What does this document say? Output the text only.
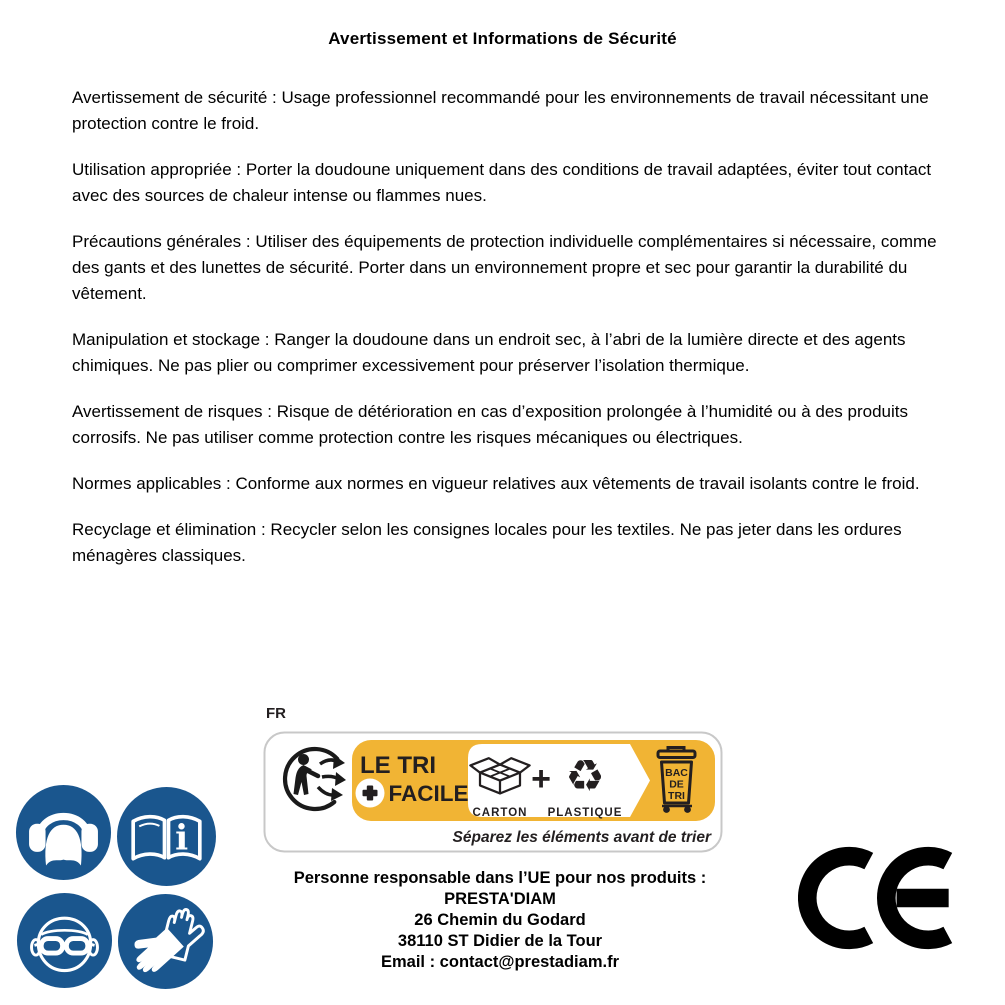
Avertissement et Informations de Sécurité

Avertissement de sécurité : Usage professionnel recommandé pour les environnements de travail nécessitant une protection contre le froid.

Utilisation appropriée : Porter la doudoune uniquement dans des conditions de travail adaptées, éviter tout contact avec des sources de chaleur intense ou flammes nues.

Précautions générales : Utiliser des équipements de protection individuelle complémentaires si nécessaire, comme des gants et des lunettes de sécurité. Porter dans un environnement propre et sec pour garantir la durabilité du vêtement.

Manipulation et stockage : Ranger la doudoune dans un endroit sec, à l’abri de la lumière directe et des agents chimiques. Ne pas plier ou comprimer excessivement pour préserver l’isolation thermique.

Avertissement de risques : Risque de détérioration en cas d’exposition prolongée à l’humidité ou à des produits corrosifs. Ne pas utiliser comme protection contre les risques mécaniques ou électriques.

Normes applicables : Conforme aux normes en vigueur relatives aux vêtements de travail isolants contre le froid.

Recyclage et élimination : Recycler selon les consignes locales pour les textiles. Ne pas jeter dans les ordures ménagères classiques.

i
FR
LE TRI
FACILE
CARTON
+ ♻
PLASTIQUE
BAC
DE
TRI
Séparez les éléments avant de trier
Personne responsable dans l’UE pour nos produits :
PRESTA'DIAM
26 Chemin du Godard
38110 ST Didier de la Tour
Email : contact@prestadiam.fr
